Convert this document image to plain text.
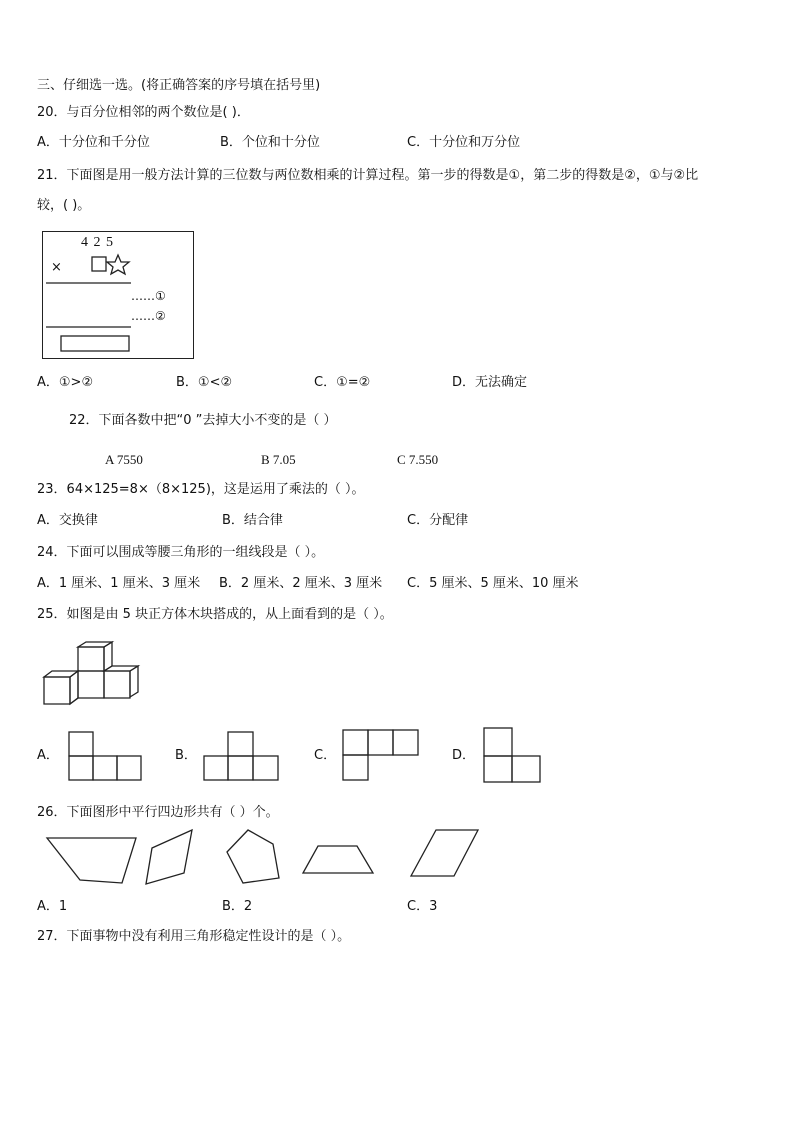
三、仔细选一选。(将正确答案的序号填在括号里)
20．与百分位相邻的两个数位是( )．
A．十分位和千分位	B．个位和十分位	C．十分位和万分位
21．下面图是用一般方法计算的三位数与两位数相乘的计算过程。第一步的得数是①，第二步的得数是②，①与②比
较，( )。
4 2 5
×
……①
……②
A．①>②	B．①<②	C．①=②	D．无法确定
22．下面各数中把“0 ”去掉大小不变的是（ ）
A 7550	B 7.05	C 7.550
23．64×125=8×（8×125)，这是运用了乘法的（ ）。
A．交换律	B．结合律	C．分配律
24．下面可以围成等腰三角形的一组线段是（ ）。
A．1 厘米、1 厘米、3 厘米 B．2 厘米、2 厘米、3 厘米 C．5 厘米、5 厘米、10 厘米
25．如图是由 5 块正方体木块搭成的，从上面看到的是（ ）。
A．	B．	C．	D．
26．下面图形中平行四边形共有（ ）个。
A．1	B．2	C．3
27．下面事物中没有利用三角形稳定性设计的是（ ）。
